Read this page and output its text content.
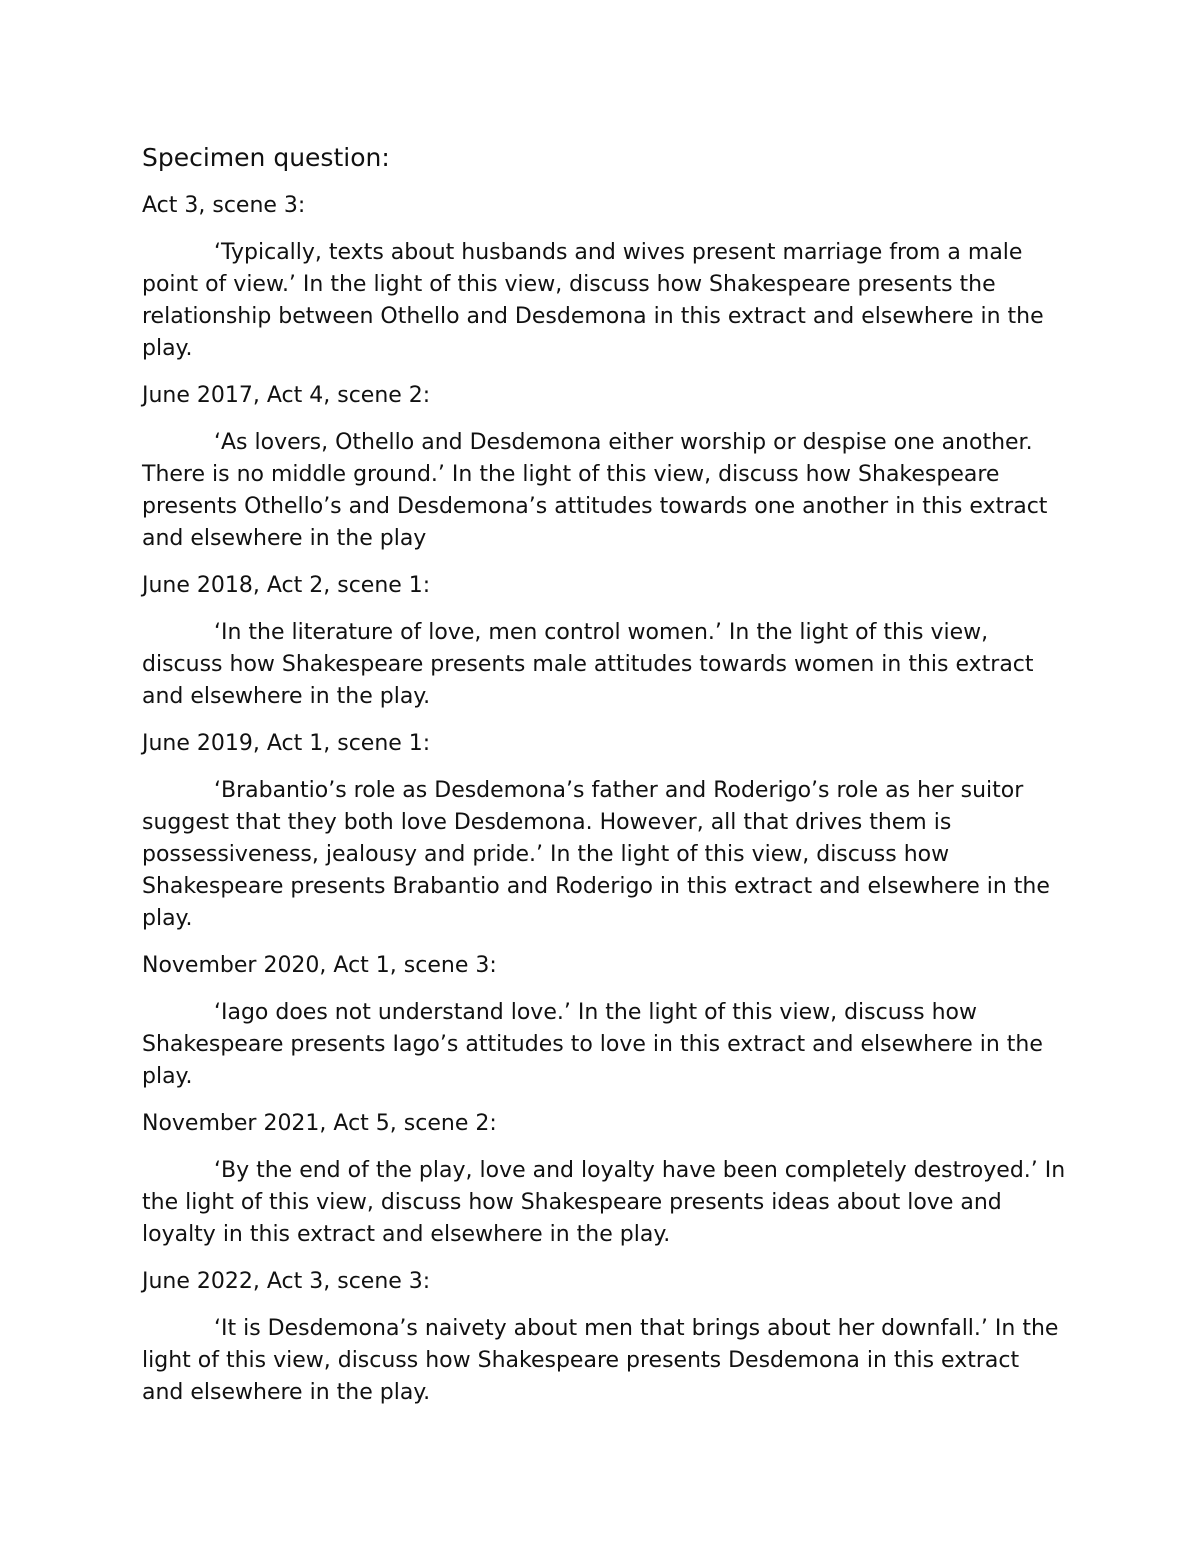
Specimen question:

Act 3, scene 3:

‘Typically, texts about husbands and wives present marriage from a male point of view.’ In the light of this view, discuss how Shakespeare presents the relationship between Othello and Desdemona in this extract and elsewhere in the play.

June 2017, Act 4, scene 2:

‘As lovers, Othello and Desdemona either worship or despise one another. There is no middle ground.’ In the light of this view, discuss how Shakespeare presents Othello’s and Desdemona’s attitudes towards one another in this extract and elsewhere in the play

June 2018, Act 2, scene 1:

‘In the literature of love, men control women.’ In the light of this view, discuss how Shakespeare presents male attitudes towards women in this extract and elsewhere in the play.

June 2019, Act 1, scene 1:

‘Brabantio’s role as Desdemona’s father and Roderigo’s role as her suitor suggest that they both love Desdemona. However, all that drives them is possessiveness, jealousy and pride.’ In the light of this view, discuss how Shakespeare presents Brabantio and Roderigo in this extract and elsewhere in the play.

November 2020, Act 1, scene 3:

‘Iago does not understand love.’ In the light of this view, discuss how Shakespeare presents Iago’s attitudes to love in this extract and elsewhere in the play.

November 2021, Act 5, scene 2:

‘By the end of the play, love and loyalty have been completely destroyed.’ In the light of this view, discuss how Shakespeare presents ideas about love and loyalty in this extract and elsewhere in the play.

June 2022, Act 3, scene 3:

‘It is Desdemona’s naivety about men that brings about her downfall.’ In the light of this view, discuss how Shakespeare presents Desdemona in this extract and elsewhere in the play.
